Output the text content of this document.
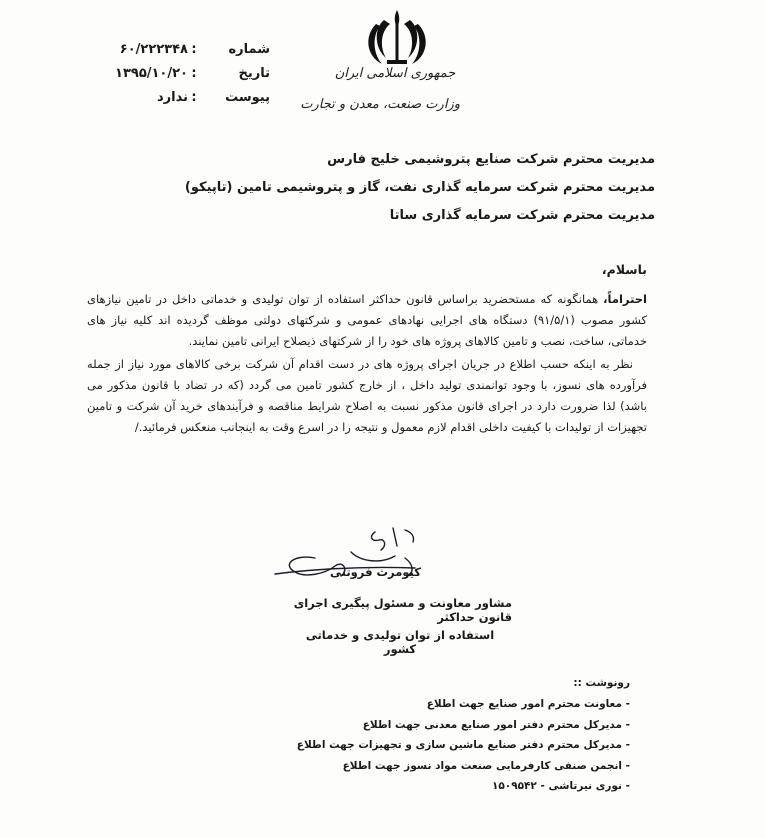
جمهوری اسلامی ایران
وزارت صنعت، معدن و تجارت
شماره
:
۶۰/۲۲۲۳۴۸
تاریخ
:
۱۳۹۵/۱۰/۲۰
پیوست
:
ندارد
مدیریت محترم شرکت صنایع پتروشیمی خلیج فارس
مدیریت محترم شرکت سرمایه گذاری نفت، گاز و پتروشیمی تامین (تاپیکو)
مدیریت محترم شرکت سرمایه گذاری ساتا
باسلام،

احتراماً، همانگونه که مستحضرید براساس قانون حداکثر استفاده از توان تولیدی و خدماتی داخل در تامین نیازهای کشور مصوب (۹۱/۵/۱) دستگاه های اجرایی نهادهای عمومی و شرکتهای دولتی موظف گردیده اند کلیه نیاز های خدماتی، ساخت، نصب و تامین کالاهای پروژه های خود را از شرکتهای ذیصلاح ایرانی تامین نمایند.

نظر به اینکه حسب اطلاع در جریان اجرای پروژه های در دست اقدام آن شرکت برخی کالاهای مورد نیاز از جمله فرآورده های نسوز، با وجود توانمندی تولید داخل ، از خارج کشور تامین می گردد (که در تضاد با قانون مذکور می باشد) لذا ضرورت دارد در اجرای قانون مذکور نسبت به اصلاح شرایط مناقصه و فرآیندهای خرید آن شرکت و تامین تجهیزات از تولیدات با کیفیت داخلی اقدام لازم معمول و نتیجه را در اسرع وقت به اینجانب منعکس فرمائید./

کیومرث فروتنی
مشاور معاونت و مسئول پیگیری اجرای قانون حداکثر
استفاده از توان تولیدی و خدماتی کشور
رونوشت ::
- معاونت محترم امور صنایع جهت اطلاع
- مدیرکل محترم دفتر امور صنایع معدنی جهت اطلاع
- مدیرکل محترم دفتر صنایع ماشین سازی و تجهیزات جهت اطلاع
- انجمن صنفی کارفرمایی صنعت مواد نسوز جهت اطلاع
- نوری نیرتاشی - ۱۵۰۹۵۴۲
